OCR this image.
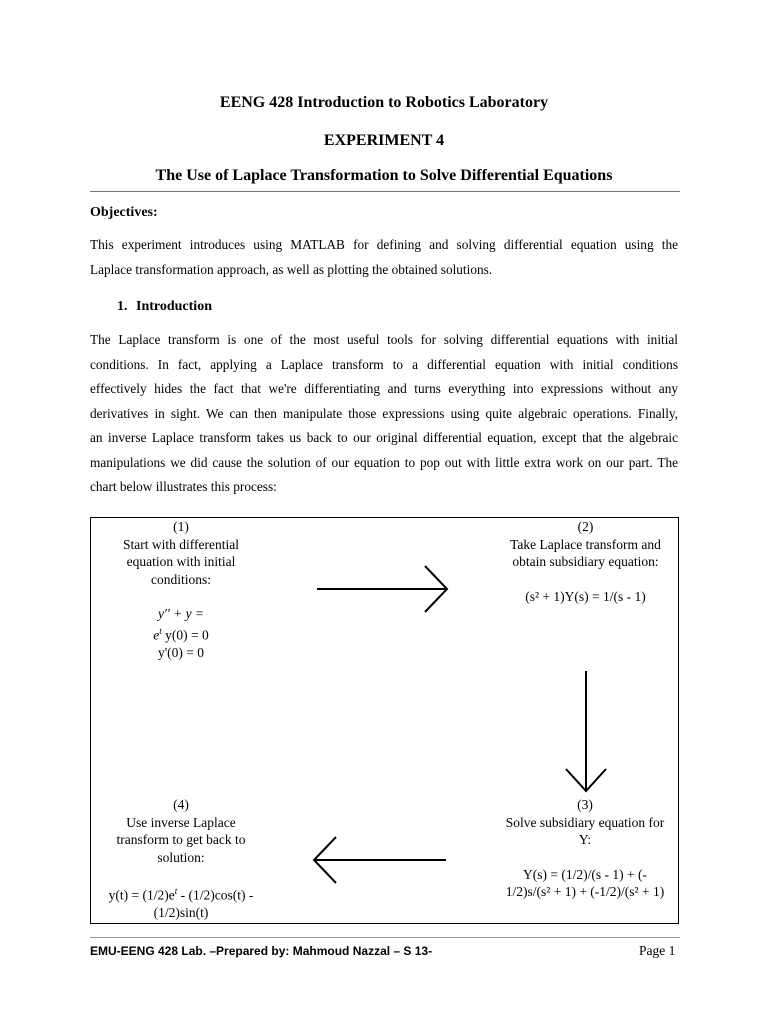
EENG 428 Introduction to Robotics Laboratory
EXPERIMENT 4
The Use of Laplace Transformation to Solve Differential Equations
Objectives:
This experiment introduces using MATLAB for defining and solving differential equation using the
Laplace transformation approach, as well as plotting the obtained solutions.
1. Introduction
The Laplace transform is one of the most useful tools for solving differential equations with initial
conditions. In fact, applying a Laplace transform to a differential equation with initial conditions
effectively hides the fact that we're differentiating and turns everything into expressions without any
derivatives in sight. We can then manipulate those expressions using quite algebraic operations. Finally,
an inverse Laplace transform takes us back to our original differential equation, except that the algebraic
manipulations we did cause the solution of our equation to pop out with little extra work on our part. The
chart below illustrates this process:
(1)
Start with differential
equation with initial
conditions:
y'' + y =
$e^t$ y(0) = 0
y'(0) = 0
(2)
Take Laplace transform and
obtain subsidiary equation:
(s² + 1)Y(s) = 1/(s - 1)
(3)
Solve subsidiary equation for
Y:
Y(s) = (1/2)/(s - 1) + (-
1/2)s/(s² + 1) + (-1/2)/(s² + 1)
(4)
Use inverse Laplace
transform to get back to
solution:
$y(t) = (1/2)e^t - (1/2)\cos(t)$ -
(1/2)sin(t)
EMU-EENG 428 Lab. –Prepared by: Mahmoud Nazzal – S 13-	Page 1
